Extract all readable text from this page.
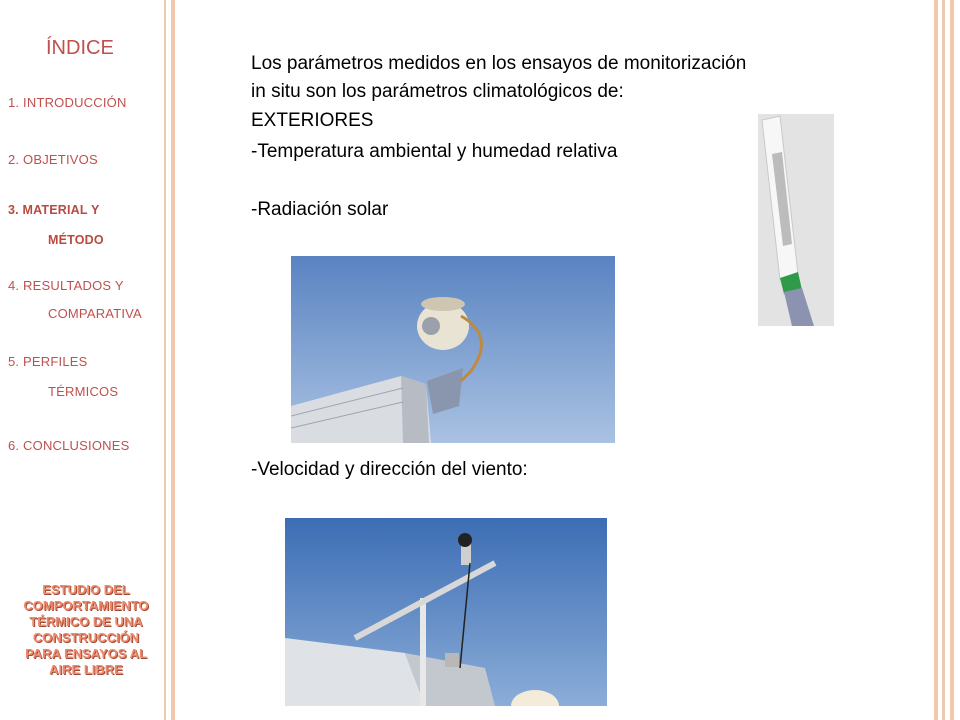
ÍNDICE
1. INTRODUCCIÓN
2. OBJETIVOS
3. MATERIAL Y
MÉTODO
4. RESULTADOS Y
COMPARATIVA
5. PERFILES
TÉRMICOS
6. CONCLUSIONES
ESTUDIO DEL
COMPORTAMIENTO
TÉRMICO DE UNA
CONSTRUCCIÓN
PARA ENSAYOS AL
AIRE LIBRE
Los parámetros medidos en los ensayos de monitorización
in situ son los parámetros climatológicos de:
EXTERIORES
-Temperatura ambiental y humedad relativa
-Radiación solar
-Velocidad y dirección del viento:
